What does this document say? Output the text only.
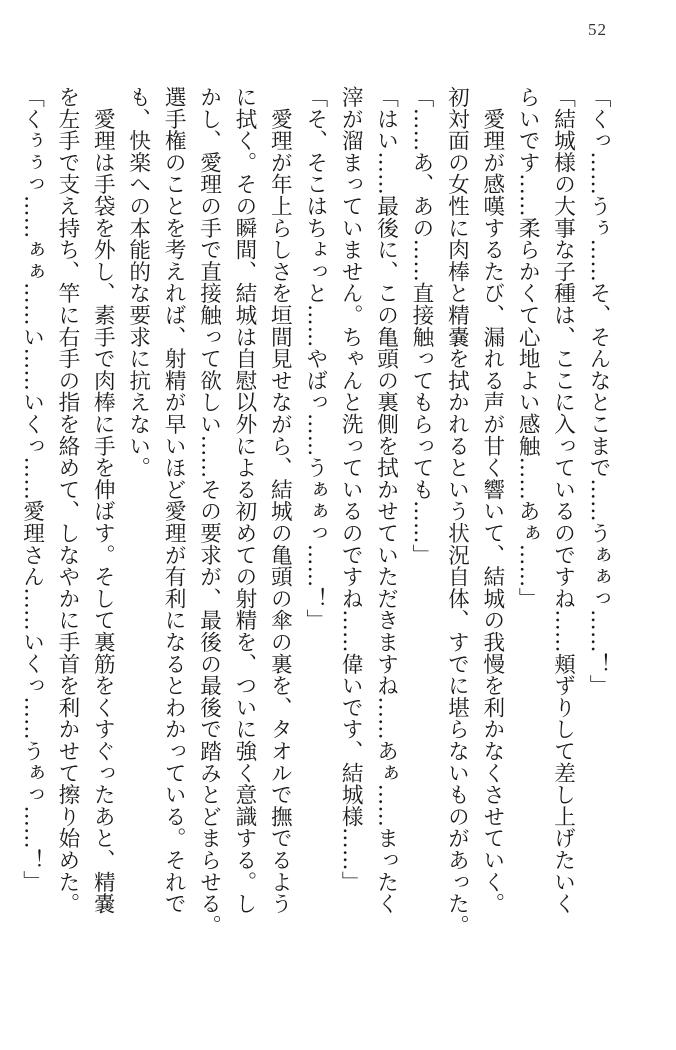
52
「くっ……うぅ……そ、そんなとこまで……うぁぁっ……！」
「結城様の大事な子種は、ここに入っているのですね……頬ずりして差し上げたいく
らいです……柔らかくて心地よい感触……あぁ……」
　愛理が感嘆するたび、漏れる声が甘く響いて、結城の我慢を利かなくさせていく。
初対面の女性に肉棒と精嚢を拭かれるという状況自体、すでに堪らないものがあった。
「……あ、あの……直接触ってもらっても……」
「はい……最後に、この亀頭の裏側を拭かせていただきますね……あぁ……まったく
滓が溜まっていません。ちゃんと洗っているのですね……偉いです、結城様……」
「そ、そこはちょっと……やばっ……うぁぁっ……！」
　愛理が年上らしさを垣間見せながら、結城の亀頭の傘の裏を、タオルで撫でるよう
に拭く。その瞬間、結城は自慰以外による初めての射精を、ついに強く意識する。し
かし、愛理の手で直接触って欲しい……その要求が、最後の最後で踏みとどまらせる。
選手権のことを考えれば、射精が早いほど愛理が有利になるとわかっている。それで
も、快楽への本能的な要求に抗えない。
　愛理は手袋を外し、素手で肉棒に手を伸ばす。そして裏筋をくすぐったあと、精嚢
を左手で支え持ち、竿に右手の指を絡めて、しなやかに手首を利かせて擦り始めた。
「くぅぅっ……ぁぁ……い……いくっ……愛理さん……いくっ……うぁっ……！」
